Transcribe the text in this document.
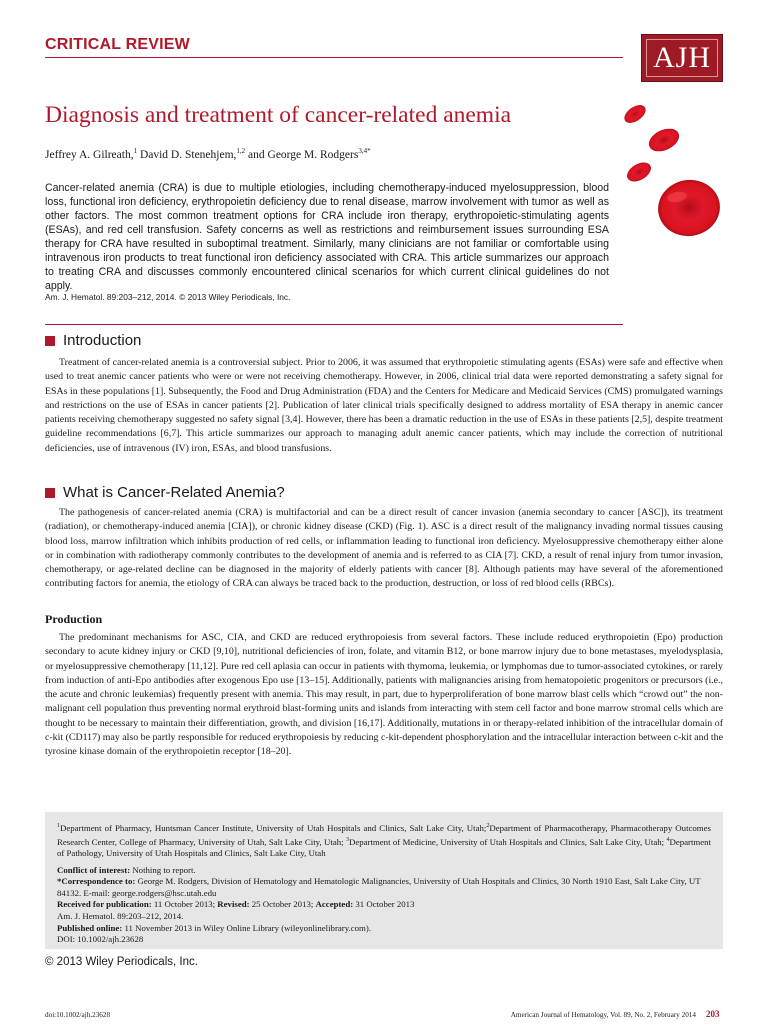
CRITICAL REVIEW	AJH
Diagnosis and treatment of cancer-related anemia
Jeffrey A. Gilreath,$^1$ David D. Stenehjem,$^{1,2}$ and George M. Rodgers$^{3,4*}$

Cancer-related anemia (CRA) is due to multiple etiologies, including chemotherapy-induced myelosuppression, blood loss, functional iron deficiency, erythropoietin deficiency due to renal disease, marrow involvement with tumor as well as other factors. The most common treatment options for CRA include iron therapy, erythropoietic-stimulating agents (ESAs), and red cell transfusion. Safety concerns as well as restrictions and reimbursement issues surrounding ESA therapy for CRA have resulted in suboptimal treatment. Similarly, many clinicians are not familiar or comfortable using intravenous iron products to treat functional iron deficiency associated with CRA. This article summarizes our approach to treating CRA and discusses commonly encountered clinical scenarios for which current clinical guidelines do not apply.

Am. J. Hematol. 89:203–212, 2014. © 2013 Wiley Periodicals, Inc.
Introduction

Treatment of cancer-related anemia is a controversial subject. Prior to 2006, it was assumed that erythropoietic stimulating agents (ESAs) were safe and effective when used to treat anemic cancer patients who were or were not receiving chemotherapy. However, in 2006, clinical trial data were reported demonstrating a safety signal for ESAs in these populations [1]. Subsequently, the Food and Drug Administration (FDA) and the Centers for Medicare and Medicaid Services (CMS) promulgated warnings and restrictions on the use of ESAs in cancer patients [2]. Publication of later clinical trials specifically designed to address mortality of ESA therapy in anemic cancer patients receiving chemotherapy suggested no safety signal [3,4]. However, there has been a dramatic reduction in the use of ESAs in these patients [2,5], despite treatment guideline recommendations [6,7]. This article summarizes our approach to managing adult anemic cancer patients, which may include the correction of nutritional deficiencies, use of intravenous (IV) iron, ESAs, and blood transfusions.

What is Cancer-Related Anemia?

The pathogenesis of cancer-related anemia (CRA) is multifactorial and can be a direct result of cancer invasion (anemia secondary to cancer [ASC]), its treatment (radiation), or chemotherapy-induced anemia [CIA]), or chronic kidney disease (CKD) (Fig. 1). ASC is a direct result of the malignancy invading normal tissues causing blood loss, marrow infiltration which inhibits production of red cells, or inflammation leading to functional iron deficiency. Myelosuppressive chemotherapy either alone or in combination with radiotherapy commonly contributes to the development of anemia and is referred to as CIA [7]. CKD, a result of renal injury from tumor invasion, chemotherapy, or age-related decline can be diagnosed in the majority of elderly patients with cancer [8]. Although patients may have several of the aforementioned contributing factors for anemia, the etiology of CRA can always be traced back to the production, destruction, or loss of red blood cells (RBCs).

Production

The predominant mechanisms for ASC, CIA, and CKD are reduced erythropoiesis from several factors. These include reduced erythropoietin (Epo) production secondary to acute kidney injury or CKD [9,10], nutritional deficiencies of iron, folate, and vitamin B12, or bone marrow injury due to bone metastases, myelodysplasia, or myelosuppressive chemotherapy [11,12]. Pure red cell aplasia can occur in patients with thymoma, leukemia, or lymphomas due to tumor-associated cytokines, or rarely from induction of anti-Epo antibodies after exogenous Epo use [13–15]. Additionally, patients with malignancies arising from hematopoietic progenitors or precursors (i.e., the acute and chronic leukemias) frequently present with anemia. This may result, in part, due to hyperproliferation of bone marrow blast cells which “crowd out” the non-malignant cell population thus preventing normal erythroid blast-forming units and islands from interacting with stem cell factor and bone marrow stromal cells which are thought to be necessary to maintain their differentiation, growth, and division [16,17]. Additionally, mutations in or therapy-related inhibition of the intracellular domain of c-kit (CD117) may also be partly responsible for reduced erythropoiesis by reducing c-kit-dependent phosphorylation and the intracellular interaction between c-kit and the tyrosine kinase domain of the erythropoietin receptor [18–20].

$^1$Department of Pharmacy, Huntsman Cancer Institute, University of Utah Hospitals and Clinics, Salt Lake City, Utah;$^2$Department of Pharmacotherapy, Pharmacotherapy Outcomes Research Center, College of Pharmacy, University of Utah, Salt Lake City, Utah; $^3$Department of Medicine, University of Utah Hospitals and Clinics, Salt Lake City, Utah; $^4$Department of Pathology, University of Utah Hospitals and Clinics, Salt Lake City, Utah

Conflict of interest: Nothing to report.

*Correspondence to: George M. Rodgers, Division of Hematology and Hematologic Malignancies, University of Utah Hospitals and Clinics, 30 North 1910 East, Salt Lake City, UT 84132. E-mail: george.rodgers@hsc.utah.edu

Received for publication: 11 October 2013; Revised: 25 October 2013; Accepted: 31 October 2013

Am. J. Hematol. 89:203–212, 2014.

Published online: 11 November 2013 in Wiley Online Library (wileyonlinelibrary.com).

DOI: 10.1002/ajh.23628

© 2013 Wiley Periodicals, Inc.
doi:10.1002/ajh.23628	American Journal of Hematology, Vol. 89, No. 2, February 2014 203
